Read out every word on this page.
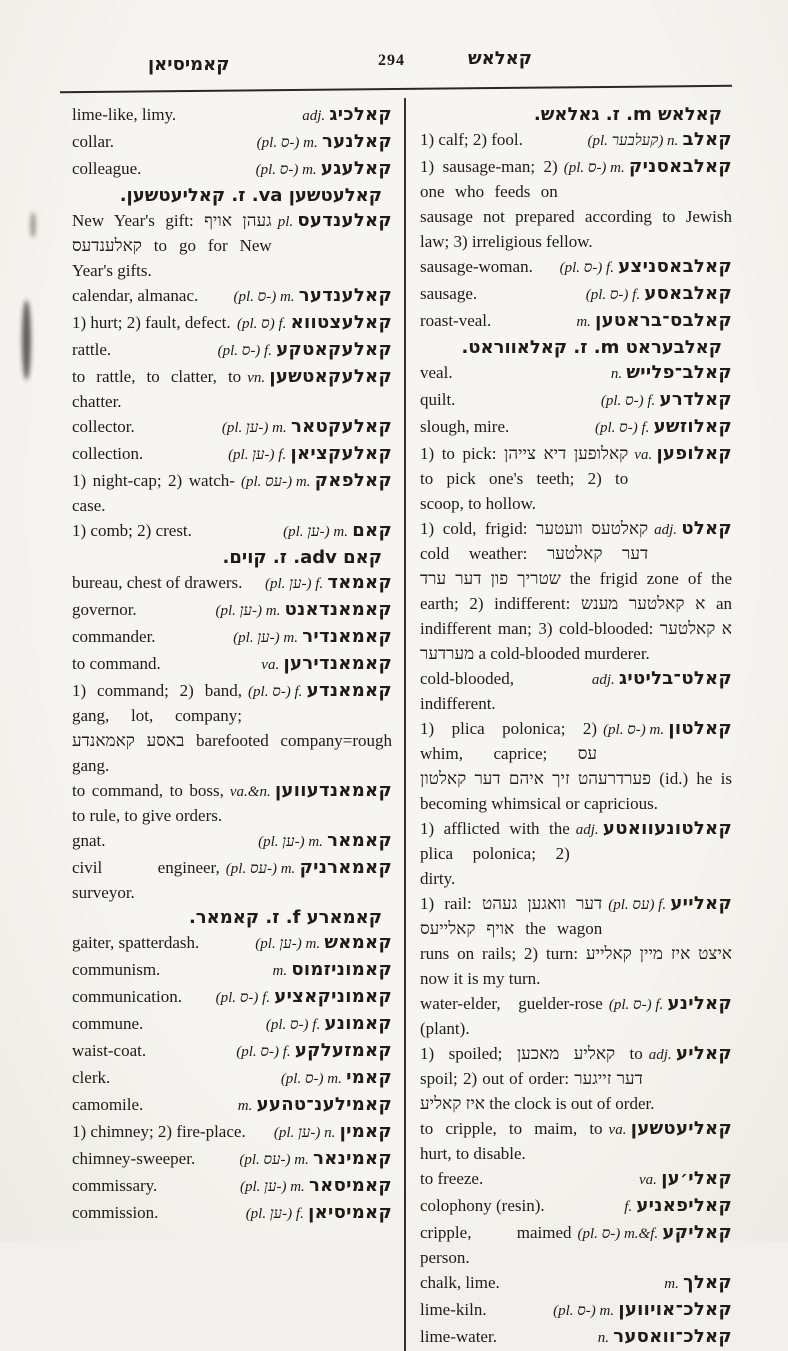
קאמיסיאן	294	קאלאש
adj. קאלכיג
lime-like, limy.
(pl. ס-) m. קאלנער
collar.
(pl. ס-) m. קאלעגע
colleague.
קאלעטשען va. ז. קאליעטשען.
pl. קאלענדעס
New Year's gift: געהן אויף קאלענדעס to go for New Year's gifts.
(pl. ס-) m. קאלענדער
calendar, almanac.
(pl. ס) f. קאלעצטווא
1) hurt; 2) fault, defect.
(pl. ס-) f. קאלעקאטקע
rattle.
vn. קאלעקאטשען
to rattle, to clatter, to chatter.
(pl. ען-) m. קאלעקטאר
collector.
(pl. ען-) f. קאלעקציאן
collection.
(pl. עס-) m. קאלפאק
1) night-cap; 2) watch-case.
(pl. ען-) m. קאם
1) comb; 2) crest.
קאם adv. ז. קוים.
(pl. ען-) f. קאמאד
bureau, chest of drawers.
(pl. ען-) m. קאמאנדאנט
governor.
(pl. ען-) m. קאמאנדיר
commander.
va. קאמאנדירען
to command.
(pl. ס-) f. קאמאנדע
1) command; 2) band, gang, lot, company; באסע קאמאנדע barefooted company=rough gang.
va.&n. קאמאנדעווען
to command, to boss, to rule, to give orders.
(pl. ען-) m. קאמאר
gnat.
(pl. עס-) m. קאמארניק
civil engineer, surveyor.
קאמארע f. ז. קאמאר.
(pl. ען-) m. קאמאש
gaiter, spatterdash.
m. קאמוניזמוס
communism.
(pl. ס-) f. קאמוניקאציע
communication.
(pl. ס-) f. קאמונע
commune.
(pl. ס-) f. קאמזעלקע
waist-coat.
(pl. ס-) m. קאמי
clerk.
m. קאמילענ־טהעע
camomile.
(pl. ען-) n. קאמין
1) chimney; 2) fire-place.
(pl. עס-) m. קאמינאר
chimney-sweeper.
(pl. ען-) m. קאמיסאר
commissary.
(pl. ען-) f. קאמיסיאן
commission.
קאלאש m. ז. גאלאש.
(pl. קעלבער) n. קאלב
1) calf; 2) fool.
(pl. ס-) m. קאלבאסניק
1) sausage-man; 2) one who feeds on sausage not prepared according to Jewish law; 3) irreligious fellow.
(pl. ס-) f. קאלבאסניצע
sausage-woman.
(pl. ס-) f. קאלבאסע
sausage.
m. קאלבס־בראטען
roast-veal.
קאלבעראט m. ז. קאלאווראט.
n. קאלב־פלייש
veal.
(pl. ס-) f. קאלדרע
quilt.
(pl. ס-) f. קאלוזשע
slough, mire.
va. קאלופען
1) to pick: קאלופען דיא צייהן to pick one's teeth; 2) to scoop, to hollow.
adj. קאלט
1) cold, frigid: קאלטעס וועטער cold weather: דער קאלטער שטריך פון דער ערד the frigid zone of the earth; 2) indifferent: א קאלטער מענש an indifferent man; 3) cold-blooded: א קאלטער מערדער a cold-blooded murderer.
adj. קאלט־בליטיג
cold-blooded, indifferent.
(pl. ס-) m. קאלטון
1) plica polonica; 2) whim, caprice; עס פערדרעהט זיך איהם דער קאלטון (id.) he is becoming whimsical or capricious.
adj. קאלטונעוואטע
1) afflicted with the plica polonica; 2) dirty.
(pl. עס) f. קאלייע
1) rail: דער וואגען געהט אויף קאלייעס the wagon runs on rails; 2) turn: איצט איז מיין קאלייע now it is my turn.
(pl. ס-) f. קאלינע
water-elder, guelder-rose (plant).
adj. קאליע
1) spoiled; קאליע מאכען to spoil; 2) out of order: דער זייגער איז קאליע the clock is out of order.
va. קאליעטשען
to cripple, to maim, to hurt, to disable.
va. קאלי׳ען
to freeze.
f. קאליפאניע
colophony (resin).
(pl. ס-) m.&f. קאליקע
cripple, maimed person.
m. קאלך
chalk, lime.
(pl. ס-) m. קאלכ־אויווען
lime-kiln.
n. קאלכ־וואסער
lime-water.
